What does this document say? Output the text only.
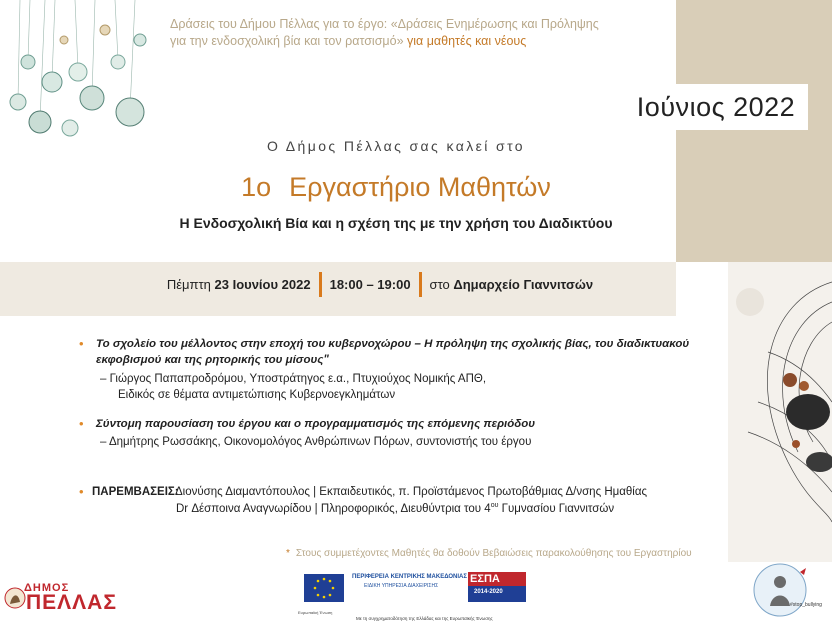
Δράσεις του Δήμου Πέλλας για το έργο: «Δράσεις Ενημέρωσης και Πρόληψης
για την ενδοσχολική βία και τον ρατσισμό» για μαθητές και νέους
Ιούνιος 2022
Ο Δήμος Πέλλας σας καλεί στο
1ο Εργαστήριο Μαθητών
Η Ενδοσχολική Βία και η σχέση της με την χρήση του Διαδικτύου
Πέμπτη
23 Ιουνίου 2022 18:00 – 19:00 στο
Δημαρχείο Γιαννιτσών
• Το σχολείο του μέλλοντος στην εποχή του κυβερνοχώρου – Η πρόληψη της σχολικής βίας, του διαδικτυακού
εκφοβισμού και της ρητορικής του μίσους"
– Γιώργος Παπαπροδρόμου, Υποστράτηγος ε.α., Πτυχιούχος Νομικής ΑΠΘ,
Ειδικός σε θέματα αντιμετώπισης Κυβερνοεγκλημάτων
• Σύντομη παρουσίαση του έργου και ο προγραμματισμός της επόμενης περιόδου
– Δημήτρης Ρωσσάκης, Οικονομολόγος Ανθρώπινων Πόρων, συντονιστής του έργου
• ΠΑΡΕΜΒΑΣΕΙΣ:
Διονύσης Διαμαντόπουλος | Εκπαιδευτικός, π. Προϊστάμενος Πρωτοβάθμιας Δ/νσης Ημαθίας
Dr Δέσποινα Αναγνωρίδου | Πληροφορικός, Διευθύντρια του $4^{o\upsilon}$ Γυμνασίου Γιαννιτσών
* Στους συμμετέχοντες Μαθητές θα δοθούν Βεβαιώσεις παρακολούθησης του Εργαστηρίου
ΔΗΜΟΣ
ΠΕΛΛΑΣ	Ευρωπαϊκή Ένωση
ΠΕΡΙΦΕΡΕΙΑ ΚΕΝΤΡΙΚΗΣ ΜΑΚΕΔΟΝΙΑΣ
ΕΙΔΙΚΗ ΥΠΗΡΕΣΙΑ ΔΙΑΧΕΙΡΙΣΗΣ
ΕΣΠΑ
2014-2020
Με τη συγχρηματοδότηση της Ελλάδας και της Ευρωπαϊκής Ένωσης
#stop_bullying
